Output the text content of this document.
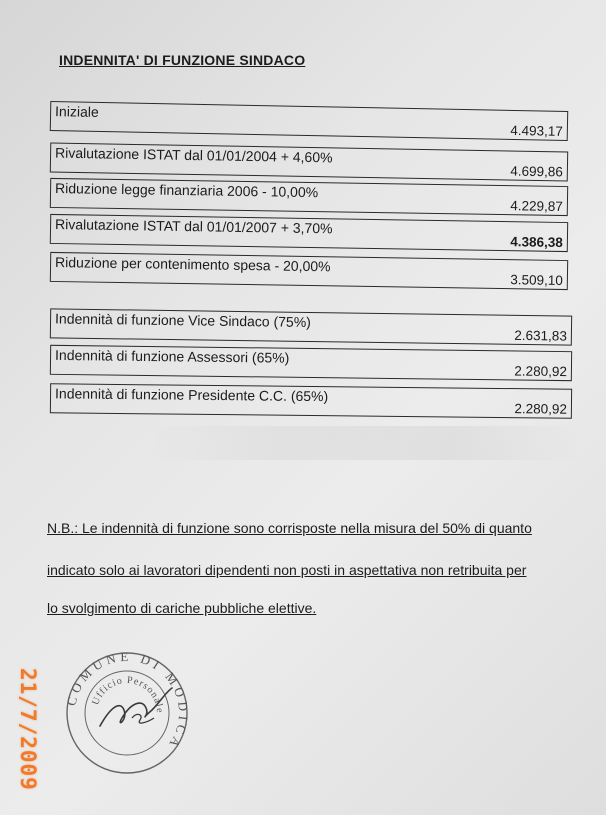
INDENNITA' DI FUNZIONE SINDACO
Iniziale
4.493,17
Rivalutazione ISTAT dal 01/01/2004 + 4,60%
4.699,86
Riduzione legge finanziaria 2006 - 10,00%
4.229,87
Rivalutazione ISTAT dal 01/01/2007 + 3,70%
4.386,38
Riduzione per contenimento spesa - 20,00%
3.509,10
Indennità di funzione Vice Sindaco (75%)
2.631,83
Indennità di funzione Assessori (65%)
2.280,92
Indennità di funzione Presidente C.C. (65%)
2.280,92
N.B.: Le indennità di funzione sono corrisposte nella misura del 50% di quanto
indicato solo ai lavoratori dipendenti non posti in aspettativa non retribuita per
lo svolgimento di cariche pubbliche elettive.
21/7/2009 COMUNE DI MODICA
Ufficio Personale
